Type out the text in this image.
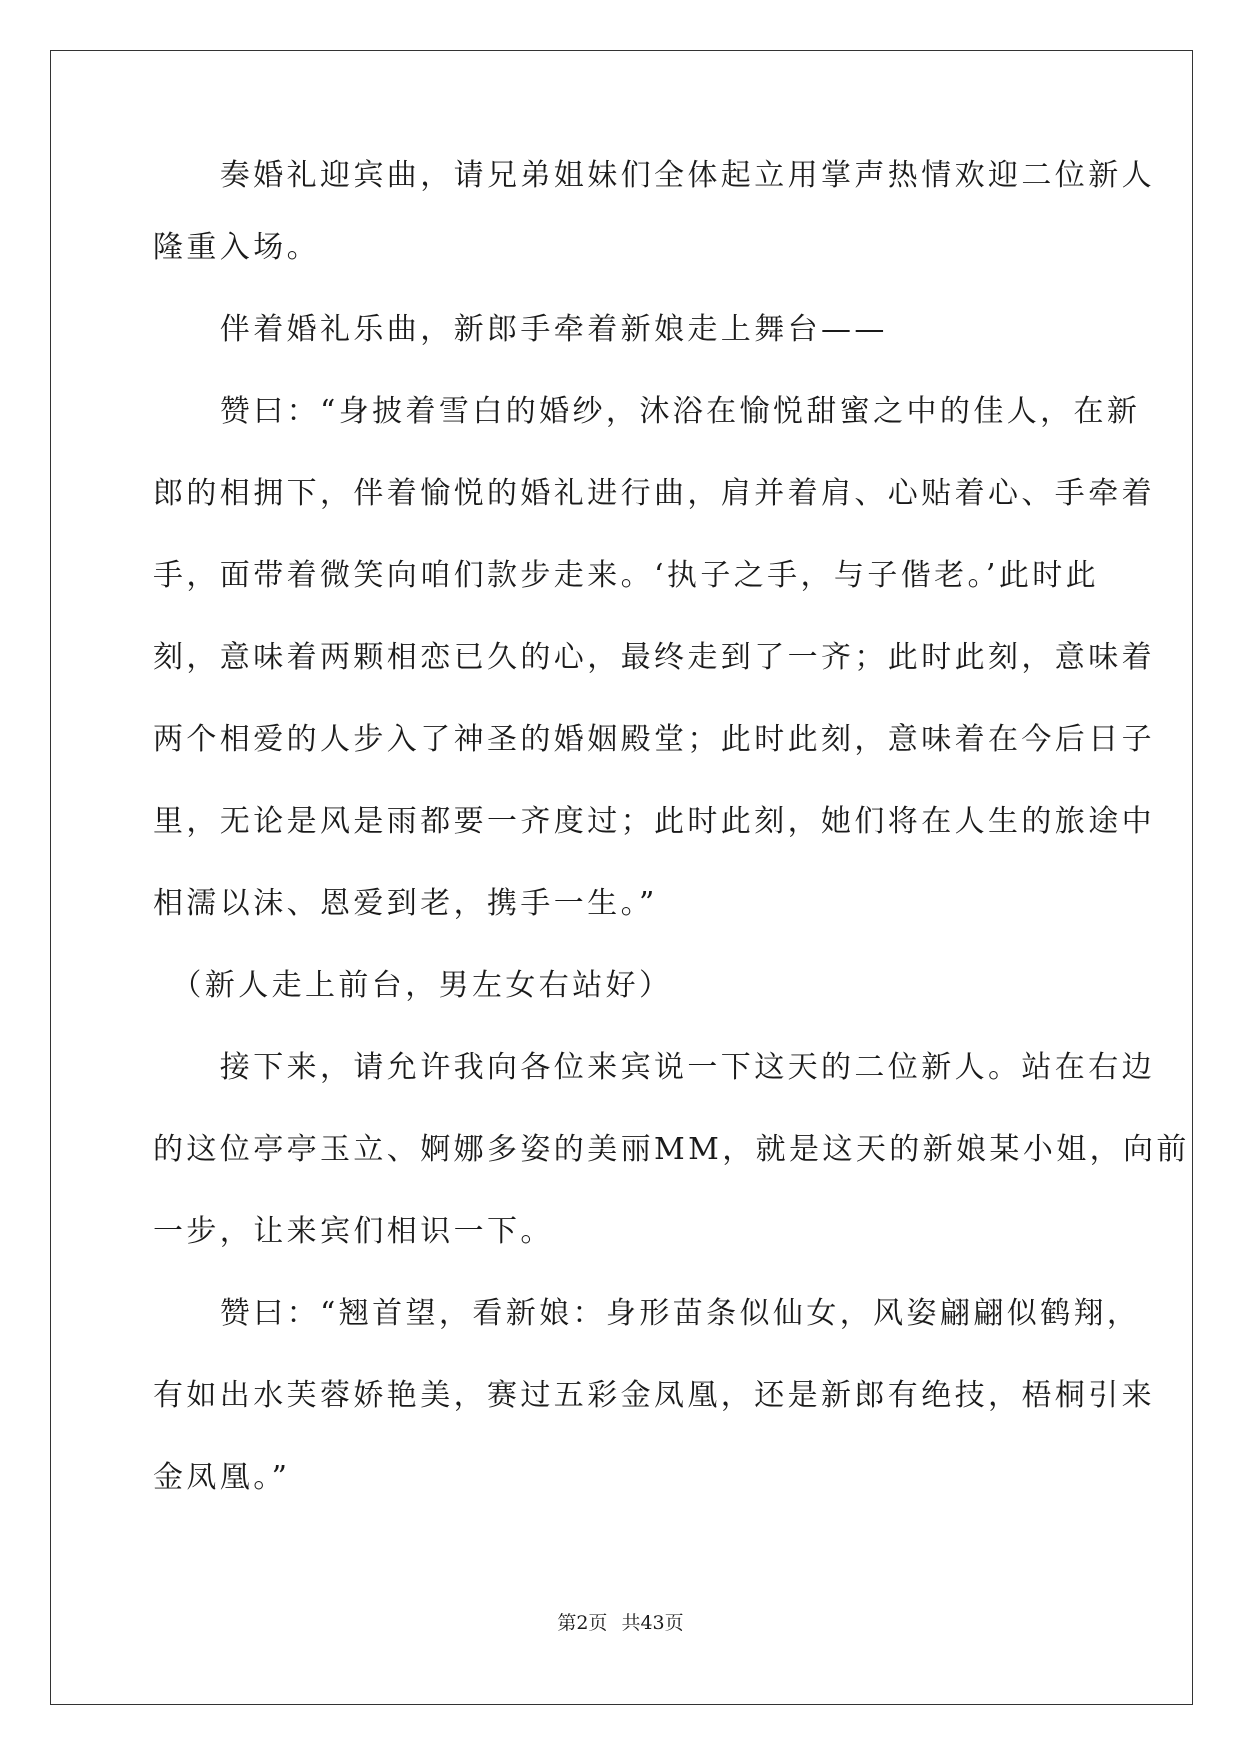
　　奏婚礼迎宾曲，请兄弟姐妹们全体起立用掌声热情欢迎二位新人
隆重入场。
　　伴着婚礼乐曲，新郎手牵着新娘走上舞台——
　　赞曰：“身披着雪白的婚纱，沐浴在愉悦甜蜜之中的佳人，在新
郎的相拥下，伴着愉悦的婚礼进行曲，肩并着肩、心贴着心、手牵着
手，面带着微笑向咱们款步走来。‘执子之手，与子偕老。’此时此
刻，意味着两颗相恋已久的心，最终走到了一齐；此时此刻，意味着
两个相爱的人步入了神圣的婚姻殿堂；此时此刻，意味着在今后日子
里，无论是风是雨都要一齐度过；此时此刻，她们将在人生的旅途中
相濡以沫、恩爱到老，携手一生。”
　（新人走上前台，男左女右站好）
　　接下来，请允许我向各位来宾说一下这天的二位新人。站在右边
的这位亭亭玉立、婀娜多姿的美丽MM，就是这天的新娘某小姐，向前
一步，让来宾们相识一下。
　　赞曰：“翘首望，看新娘：身形苗条似仙女，风姿翩翩似鹤翔，
有如出水芙蓉娇艳美，赛过五彩金凤凰，还是新郎有绝技，梧桐引来
金凤凰。”
第2页 共43页
